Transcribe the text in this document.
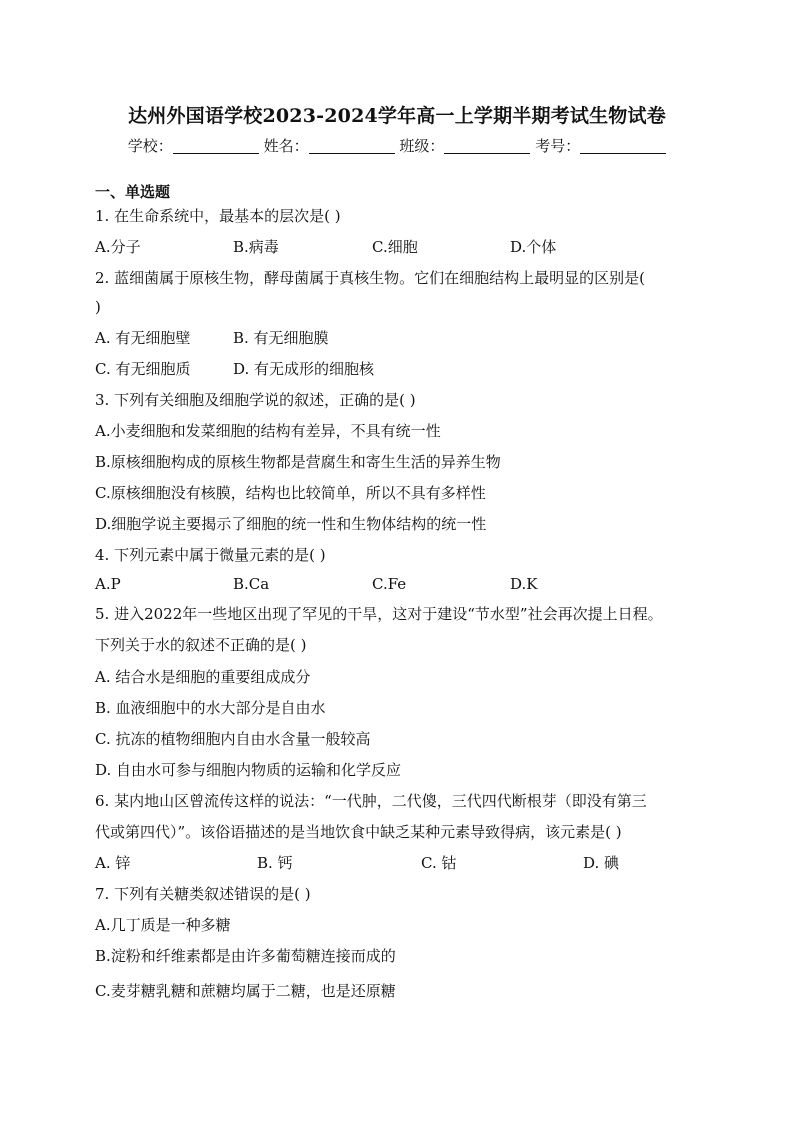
达州外国语学校2023-2024学年高一上学期半期考试生物试卷
学校：	姓名：	班级：	考号：
一、单选题
1. 在生命系统中，最基本的层次是( )
A.分子	B.病毒	C.细胞	D.个体
2. 蓝细菌属于原核生物，酵母菌属于真核生物。它们在细胞结构上最明显的区别是(
)
A. 有无细胞壁	B. 有无细胞膜
C. 有无细胞质	D. 有无成形的细胞核
3. 下列有关细胞及细胞学说的叙述，正确的是( )
A.小麦细胞和发菜细胞的结构有差异，不具有统一性
B.原核细胞构成的原核生物都是营腐生和寄生生活的异养生物
C.原核细胞没有核膜，结构也比较简单，所以不具有多样性
D.细胞学说主要揭示了细胞的统一性和生物体结构的统一性
4. 下列元素中属于微量元素的是( )
A.P	B.Ca	C.Fe	D.K
5. 进入2022年一些地区出现了罕见的干旱，这对于建设“节水型”社会再次提上日程。
下列关于水的叙述不正确的是( )
A. 结合水是细胞的重要组成成分
B. 血液细胞中的水大部分是自由水
C. 抗冻的植物细胞内自由水含量一般较高
D. 自由水可参与细胞内物质的运输和化学反应
6. 某内地山区曾流传这样的说法：“一代肿，二代傻，三代四代断根芽（即没有第三
代或第四代）”。该俗语描述的是当地饮食中缺乏某种元素导致得病，该元素是( )
A. 锌	B. 钙	C. 钴	D. 碘
7. 下列有关糖类叙述错误的是( )
A.几丁质是一种多糖
B.淀粉和纤维素都是由许多葡萄糖连接而成的
C.麦芽糖乳糖和蔗糖均属于二糖，也是还原糖
